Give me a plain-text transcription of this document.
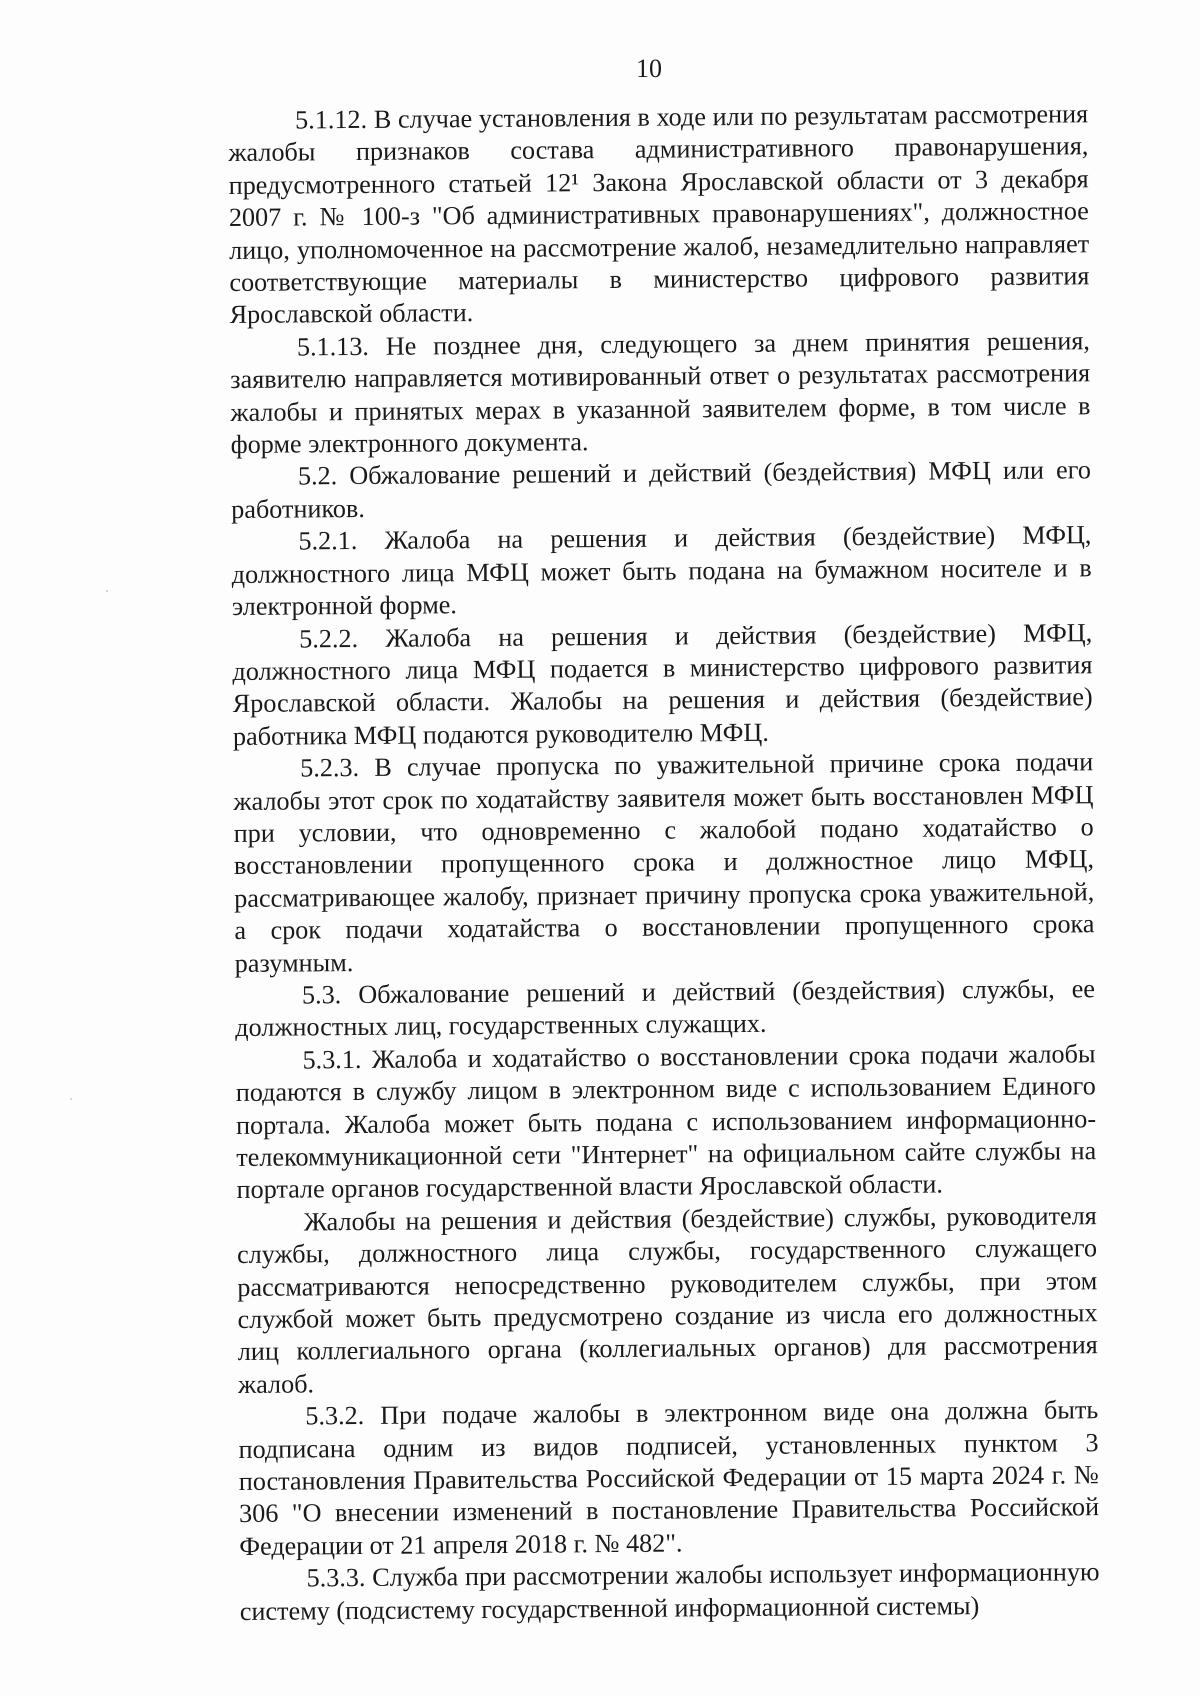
10

5.1.12. В случае установления в ходе или по результатам рассмотрения жалобы признаков состава административного правонарушения, предусмотренного статьей 12¹ Закона Ярославской области от 3 декабря 2007 г. № 100-з "Об административных правонарушениях", должностное лицо, уполномоченное на рассмотрение жалоб, незамедлительно направляет соответствующие материалы в министерство цифрового развития Ярославской области.

5.1.13. Не позднее дня, следующего за днем принятия решения, заявителю направляется мотивированный ответ о результатах рассмотрения жалобы и принятых мерах в указанной заявителем форме, в том числе в форме электронного документа.

5.2. Обжалование решений и действий (бездействия) МФЦ или его работников.

5.2.1. Жалоба на решения и действия (бездействие) МФЦ, должностного лица МФЦ может быть подана на бумажном носителе и в электронной форме.

5.2.2. Жалоба на решения и действия (бездействие) МФЦ, должностного лица МФЦ подается в министерство цифрового развития Ярославской области. Жалобы на решения и действия (бездействие) работника МФЦ подаются руководителю МФЦ.

5.2.3. В случае пропуска по уважительной причине срока подачи жалобы этот срок по ходатайству заявителя может быть восстановлен МФЦ при условии, что одновременно с жалобой подано ходатайство о восстановлении пропущенного срока и должностное лицо МФЦ, рассматривающее жалобу, признает причину пропуска срока уважительной, а срок подачи ходатайства о восстановлении пропущенного срока разумным.

5.3. Обжалование решений и действий (бездействия) службы, ее должностных лиц, государственных служащих.

5.3.1. Жалоба и ходатайство о восстановлении срока подачи жалобы подаются в службу лицом в электронном виде с использованием Единого портала. Жалоба может быть подана с использованием информационно-телекоммуникационной сети "Интернет" на официальном сайте службы на портале органов государственной власти Ярославской области.

Жалобы на решения и действия (бездействие) службы, руководителя службы, должностного лица службы, государственного служащего рассматриваются непосредственно руководителем службы, при этом службой может быть предусмотрено создание из числа его должностных лиц коллегиального органа (коллегиальных органов) для рассмотрения жалоб.

5.3.2. При подаче жалобы в электронном виде она должна быть подписана одним из видов подписей, установленных пунктом 3 постановления Правительства Российской Федерации от 15 марта 2024 г. № 306 "О внесении изменений в постановление Правительства Российской Федерации от 21 апреля 2018 г. № 482".

5.3.3. Служба при рассмотрении жалобы использует информационную систему (подсистему государственной информационной системы)
